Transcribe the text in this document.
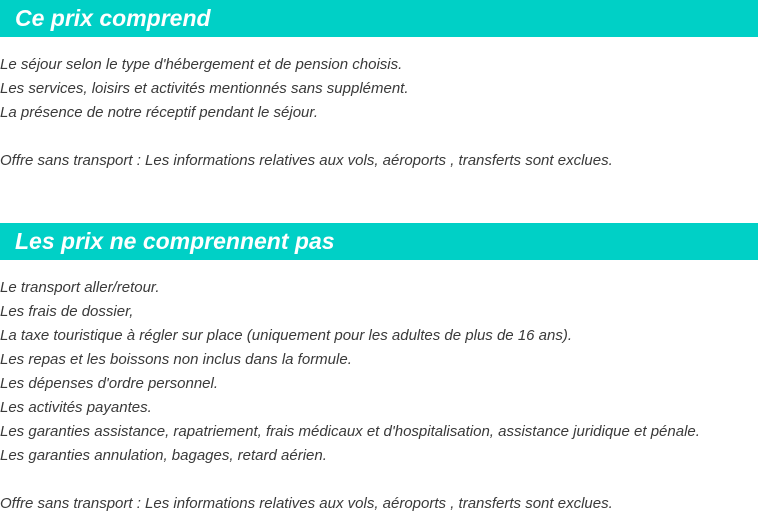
Ce prix comprend
Le séjour selon le type d'hébergement et de pension choisis.
Les services, loisirs et activités mentionnés sans supplément.
La présence de notre réceptif pendant le séjour.
Offre sans transport : Les informations relatives aux vols, aéroports , transferts sont exclues.
Les prix ne comprennent pas
Le transport aller/retour.
Les frais de dossier,
La taxe touristique à régler sur place (uniquement pour les adultes de plus de 16 ans).
Les repas et les boissons non inclus dans la formule.
Les dépenses d'ordre personnel.
Les activités payantes.
Les garanties assistance, rapatriement, frais médicaux et d'hospitalisation, assistance juridique et pénale.
Les garanties annulation, bagages, retard aérien.
Offre sans transport : Les informations relatives aux vols, aéroports , transferts sont exclues.
